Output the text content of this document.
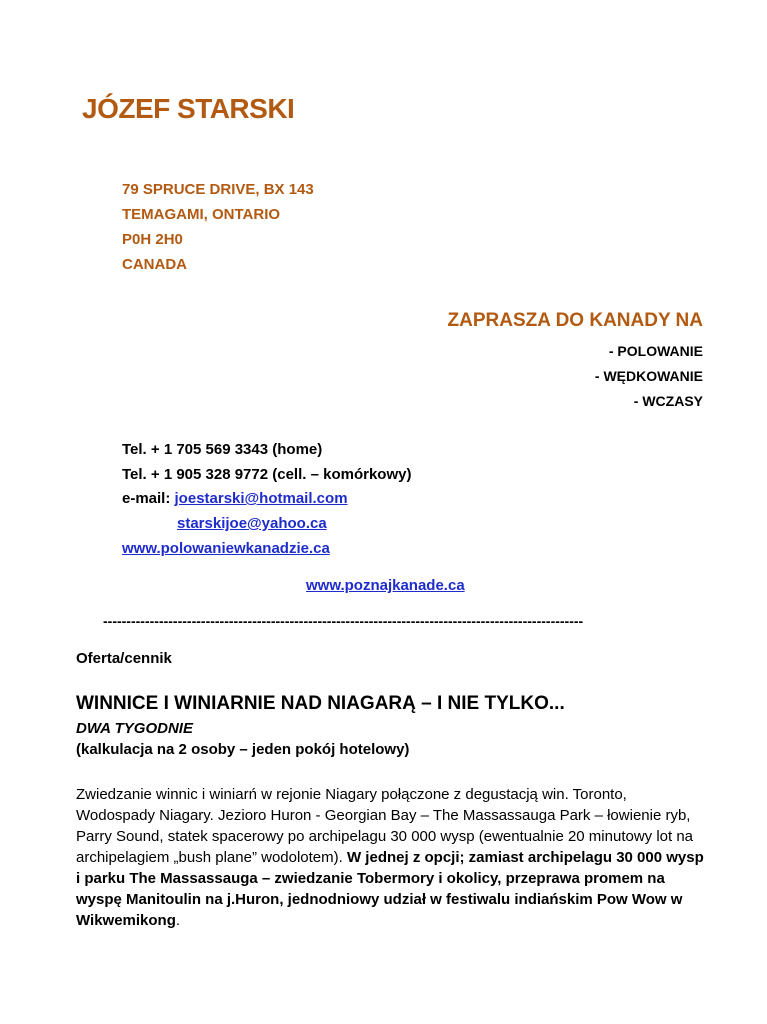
JÓZEF STARSKI
79 SPRUCE DRIVE, BX 143
TEMAGAMI, ONTARIO
P0H 2H0
CANADA
ZAPRASZA DO KANADY NA
- POLOWANIE
- WĘDKOWANIE
- WCZASY
Tel. + 1 705 569 3343 (home)
Tel. + 1 905 328 9772 (cell. – komórkowy)
e-mail: joestarski@hotmail.com
starskijoe@yahoo.ca
www.polowaniewkanadzie.ca
www.poznajkanade.ca
-------------------------------------------------------------------------------------------------------
Oferta/cennik
WINNICE I WINIARNIE NAD NIAGARĄ – I NIE TYLKO...
DWA TYGODNIE
(kalkulacja na 2 osoby – jeden pokój hotelowy)
Zwiedzanie winnic i winiarń w rejonie Niagary połączone z degustacją win. Toronto, Wodospady Niagary. Jezioro Huron - Georgian Bay – The Massassauga Park – łowienie ryb, Parry Sound, statek spacerowy po archipelagu 30 000 wysp (ewentualnie 20 minutowy lot na archipelagiem „bush plane” wodolotem). W jednej z opcji; zamiast archipelagu 30 000 wysp i parku The Massassauga – zwiedzanie Tobermory i okolicy, przeprawa promem na wyspę Manitoulin na j.Huron, jednodniowy udział w festiwalu indiańskim Pow Wow w Wikwemikong.
